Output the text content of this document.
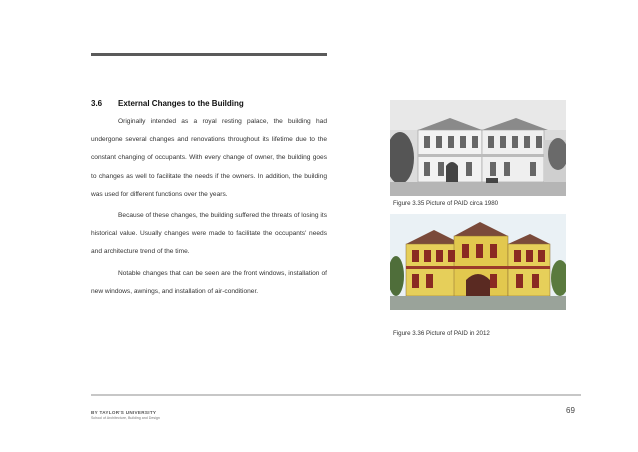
3.6 External Changes to the Building

Originally intended as a royal resting palace, the building had undergone several changes and renovations throughout its lifetime due to the constant changing of occupants. With every change of owner, the building goes to changes as well to facilitate the needs if the owners. In addition, the building was used for different functions over the years.

Because of these changes, the building suffered the threats of losing its historical value. Usually changes were made to facilitate the occupants' needs and architecture trend of the time.

Notable changes that can be seen are the front windows, installation of new windows, awnings, and installation of air-conditioner.

Figure 3.35 Picture of PAID circa 1980
Figure 3.36 Picture of PAID in 2012
69
BY TAYLOR'S UNIVERSITY
School of Architecture, Building and Design
